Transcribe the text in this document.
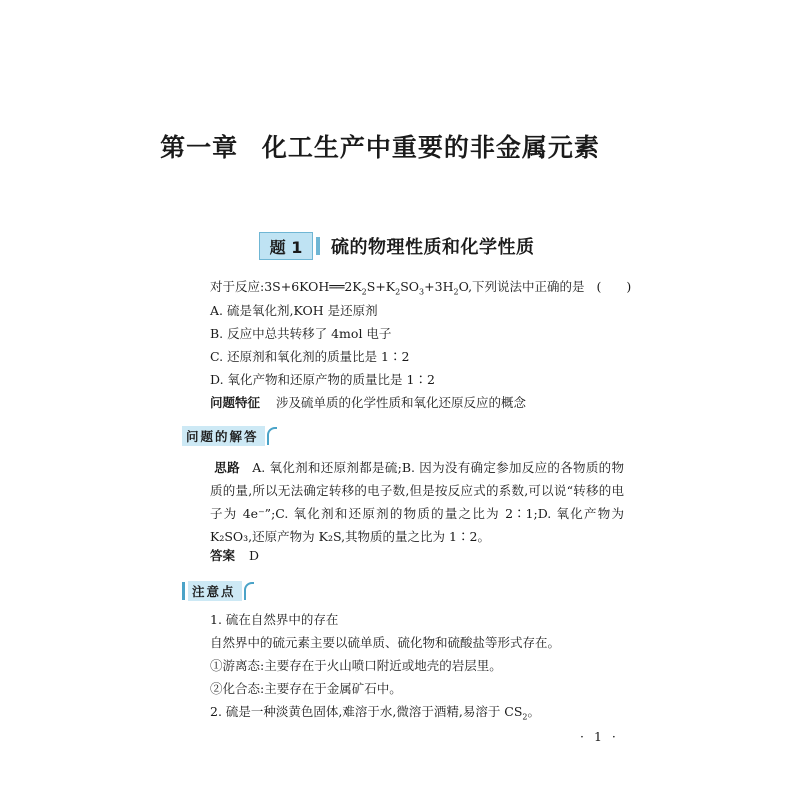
第一章 化工生产中重要的非金属元素
题 1	硫的物理性质和化学性质
对于反应$:3S+6KOH══2K_2S+K_2SO_3+3H_2O$,下列说法中正确的是 (　　)
A. 硫是氧化剂,KOH 是还原剂
B. 反应中总共转移了 4mol 电子
C. 还原剂和氧化剂的质量比是 1∶2
D. 氧化产物和还原产物的质量比是 1∶2
问题特征 涉及硫单质的化学性质和氧化还原反应的概念
问题的解答
思路 A. 氧化剂和还原剂都是硫;B. 因为没有确定参加反应的各物质的物质的量,所以无法确定转移的电子数,但是按反应式的系数,可以说“转移的电子为 4e⁻”;C. 氧化剂和还原剂的物质的量之比为 2∶1;D. 氧化产物为 K₂SO₃,还原产物为 K₂S,其物质的量之比为 1∶2。
答案 D
注意点
1. 硫在自然界中的存在
自然界中的硫元素主要以硫单质、硫化物和硫酸盐等形式存在。
①游离态:主要存在于火山喷口附近或地壳的岩层里。
②化合态:主要存在于金属矿石中。
2. 硫是一种淡黄色固体,难溶于水,微溶于酒精,易溶于 $CS_2$。
· 1 ·
